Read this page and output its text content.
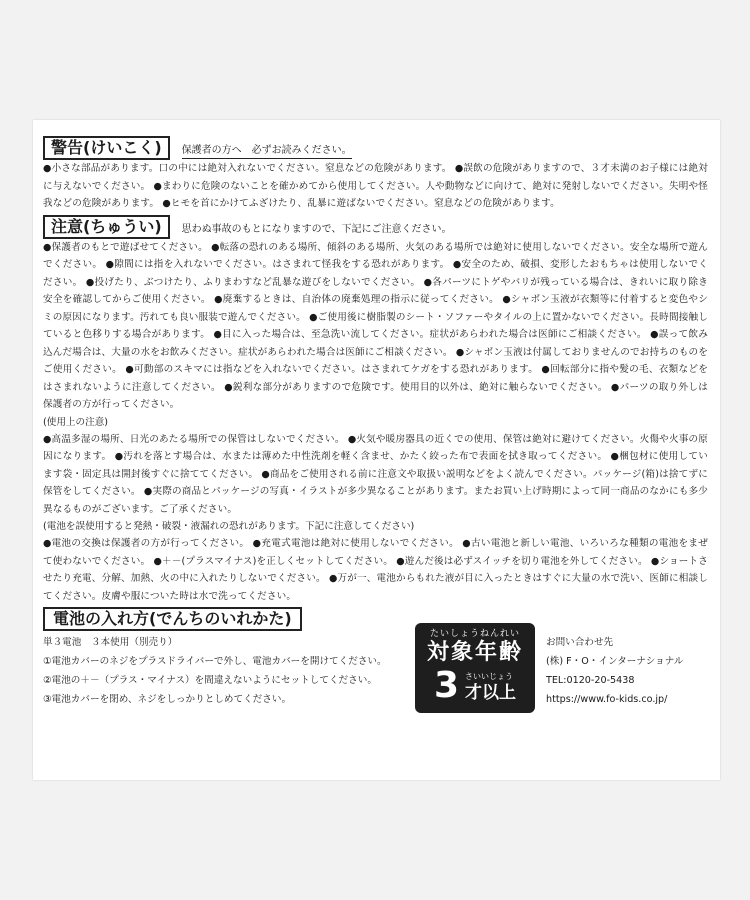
警告(けいこく)	保護者の方へ　必ずお読みください。

●小さな部品があります。口の中には絶対入れないでください。窒息などの危険があります。 ●誤飲の危険がありますので、３才未満のお子様には絶対に与えないでください。 ●まわりに危険のないことを確かめてから使用してください。人や動物などに向けて、絶対に発射しないでください。失明や怪我などの危険があります。 ●ヒモを首にかけてふざけたり、乱暴に遊ばないでください。窒息などの危険があります。

注意(ちゅうい)	思わぬ事故のもとになりますので、下記にご注意ください。

●保護者のもとで遊ばせてください。 ●転落の恐れのある場所、傾斜のある場所、火気のある場所では絶対に使用しないでください。安全な場所で遊んでください。 ●隙間には指を入れないでください。はさまれて怪我をする恐れがあります。 ●安全のため、破損、変形したおもちゃは使用しないでください。 ●投げたり、ぶつけたり、ふりまわすなど乱暴な遊びをしないでください。 ●各パーツにトゲやバリが残っている場合は、きれいに取り除き安全を確認してからご使用ください。 ●廃棄するときは、自治体の廃棄処理の指示に従ってください。 ●シャボン玉液が衣類等に付着すると変色やシミの原因になります。汚れても良い服装で遊んでください。 ●ご使用後に樹脂製のシート・ソファーやタイルの上に置かないでください。長時間接触していると色移りする場合があります。 ●目に入った場合は、至急洗い流してください。症状があらわれた場合は医師にご相談ください。 ●誤って飲み込んだ場合は、大量の水をお飲みください。症状があらわれた場合は医師にご相談ください。 ●シャボン玉液は付属しておりませんのでお持ちのものをご使用ください。 ●可動部のスキマには指などを入れないでください。はさまれてケガをする恐れがあります。 ●回転部分に指や髪の毛、衣類などをはさまれないように注意してください。 ●鋭利な部分がありますので危険です。使用目的以外は、絶対に触らないでください。 ●パーツの取り外しは保護者の方が行ってください。

(使用上の注意)

●高温多湿の場所、日光のあたる場所での保管はしないでください。 ●火気や暖房器具の近くでの使用、保管は絶対に避けてください。火傷や火事の原因になります。 ●汚れを落とす場合は、水または薄めた中性洗剤を軽く含ませ、かたく絞った布で表面を拭き取ってください。 ●梱包材に使用しています袋・固定具は開封後すぐに捨ててください。 ●商品をご使用される前に注意文や取扱い説明などをよく読んでください。パッケージ(箱)は捨てずに保管をしてください。 ●実際の商品とパッケージの写真・イラストが多少異なることがあります。またお買い上げ時期によって同一商品のなかにも多少異なるものがございます。ご了承ください。

(電池を誤使用すると発熱・破裂・液漏れの恐れがあります。下記に注意してください)

●電池の交換は保護者の方が行ってください。 ●充電式電池は絶対に使用しないでください。 ●古い電池と新しい電池、いろいろな種類の電池をまぜて使わないでください。 ●＋－(プラスマイナス)を正しくセットしてください。 ●遊んだ後は必ずスイッチを切り電池を外してください。 ●ショートさせたり充電、分解、加熱、火の中に入れたりしないでください。 ●万が一、電池からもれた液が目に入ったときはすぐに大量の水で洗い、医師に相談してください。皮膚や服についた時は水で洗ってください。

電池の入れ方(でんちのいれかた)
単３電池　３本使用（別売り）
①電池カバーのネジをプラスドライバーで外し、電池カバーを開けてください。
②電池の＋－（プラス・マイナス）を間違えないようにセットしてください。
③電池カバーを閉め、ネジをしっかりとしめてください。
たいしょうねんれい
対象年齢
3 さいいじょう
才以上
お問い合わせ先
(株) F・O・インターナショナル
TEL:0120-20-5438
https://www.fo-kids.co.jp/
